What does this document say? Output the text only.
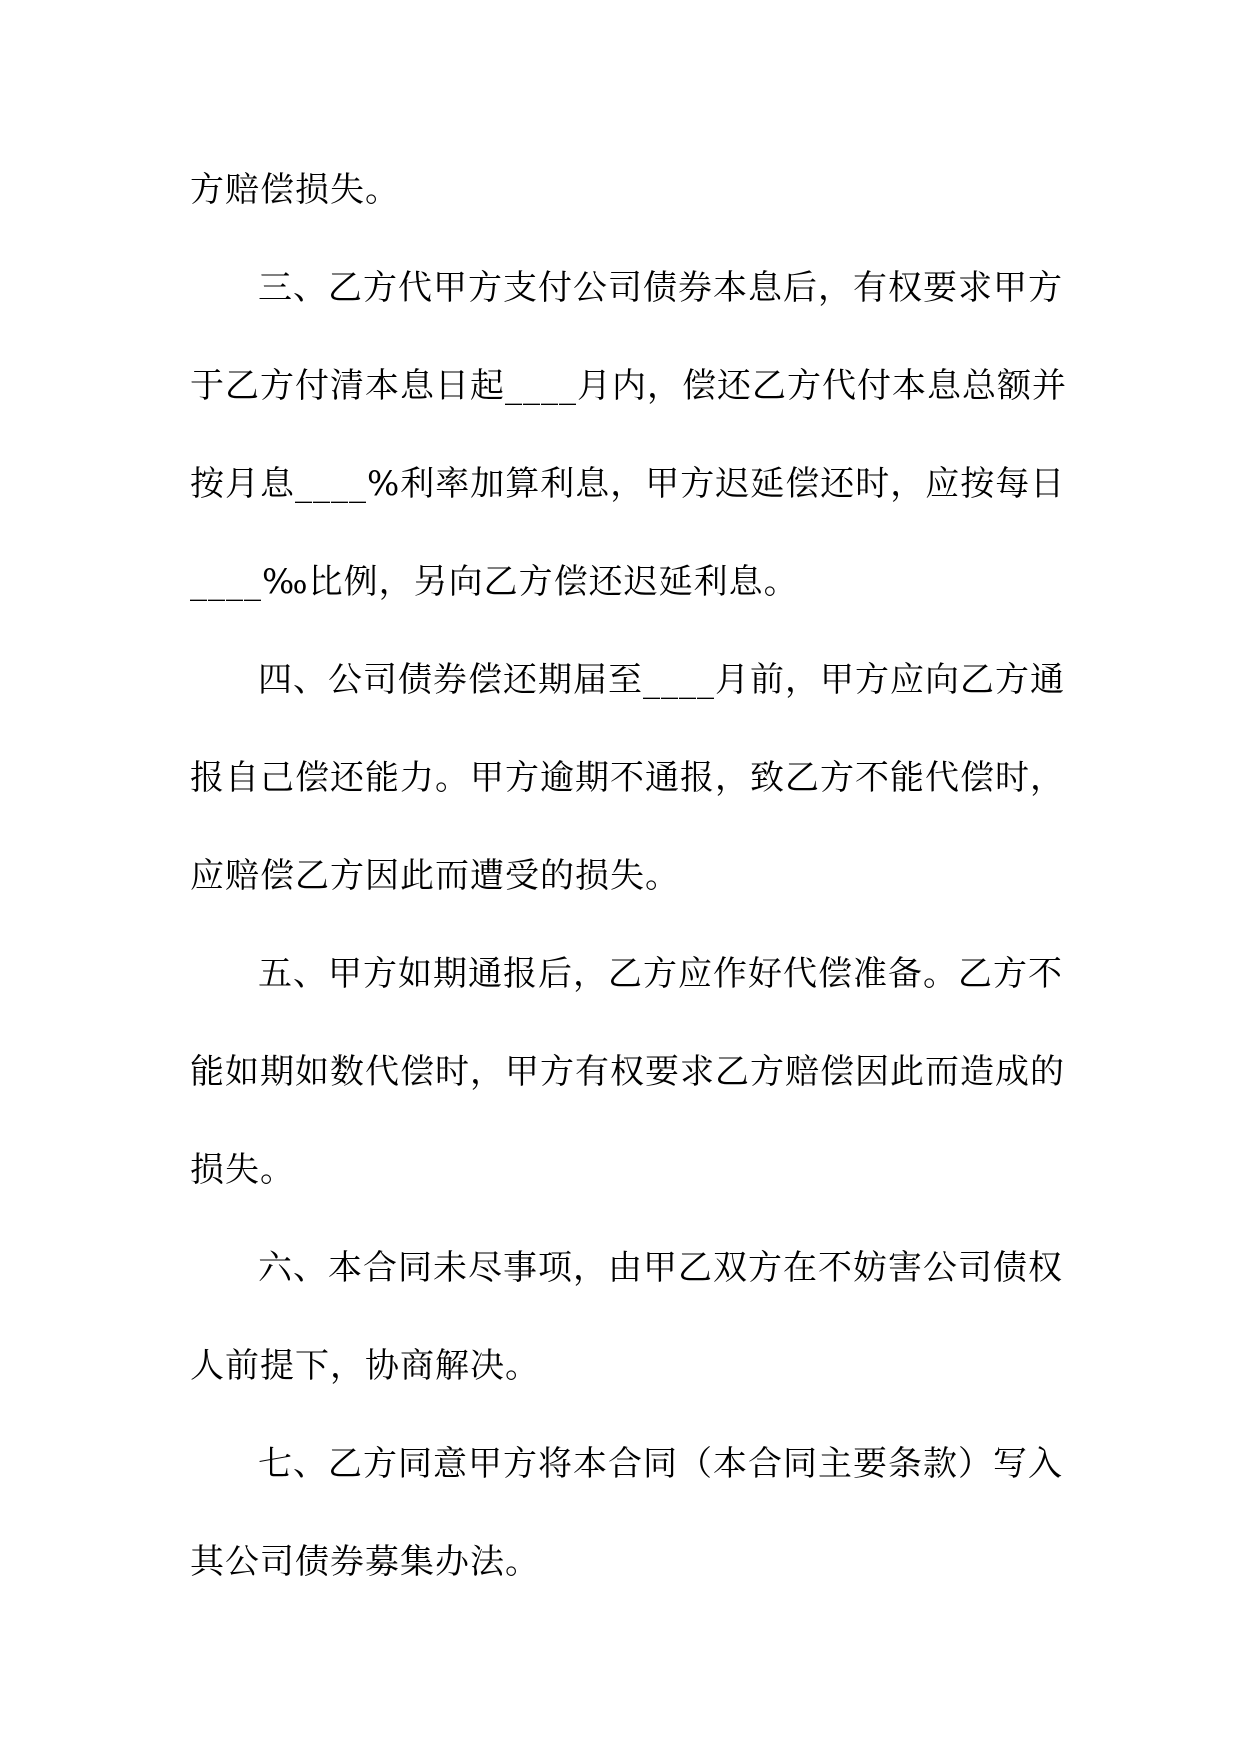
方赔偿损失。
三、乙方代甲方支付公司债券本息后，有权要求甲方
于乙方付清本息日起____月内，偿还乙方代付本息总额并
按月息____%利率加算利息，甲方迟延偿还时，应按每日
____‰比例，另向乙方偿还迟延利息。
四、公司债券偿还期届至____月前，甲方应向乙方通
报自己偿还能力。甲方逾期不通报，致乙方不能代偿时，
应赔偿乙方因此而遭受的损失。
五、甲方如期通报后，乙方应作好代偿准备。乙方不
能如期如数代偿时，甲方有权要求乙方赔偿因此而造成的
损失。
六、本合同未尽事项，由甲乙双方在不妨害公司债权
人前提下，协商解决。
七、乙方同意甲方将本合同（本合同主要条款）写入
其公司债券募集办法。
